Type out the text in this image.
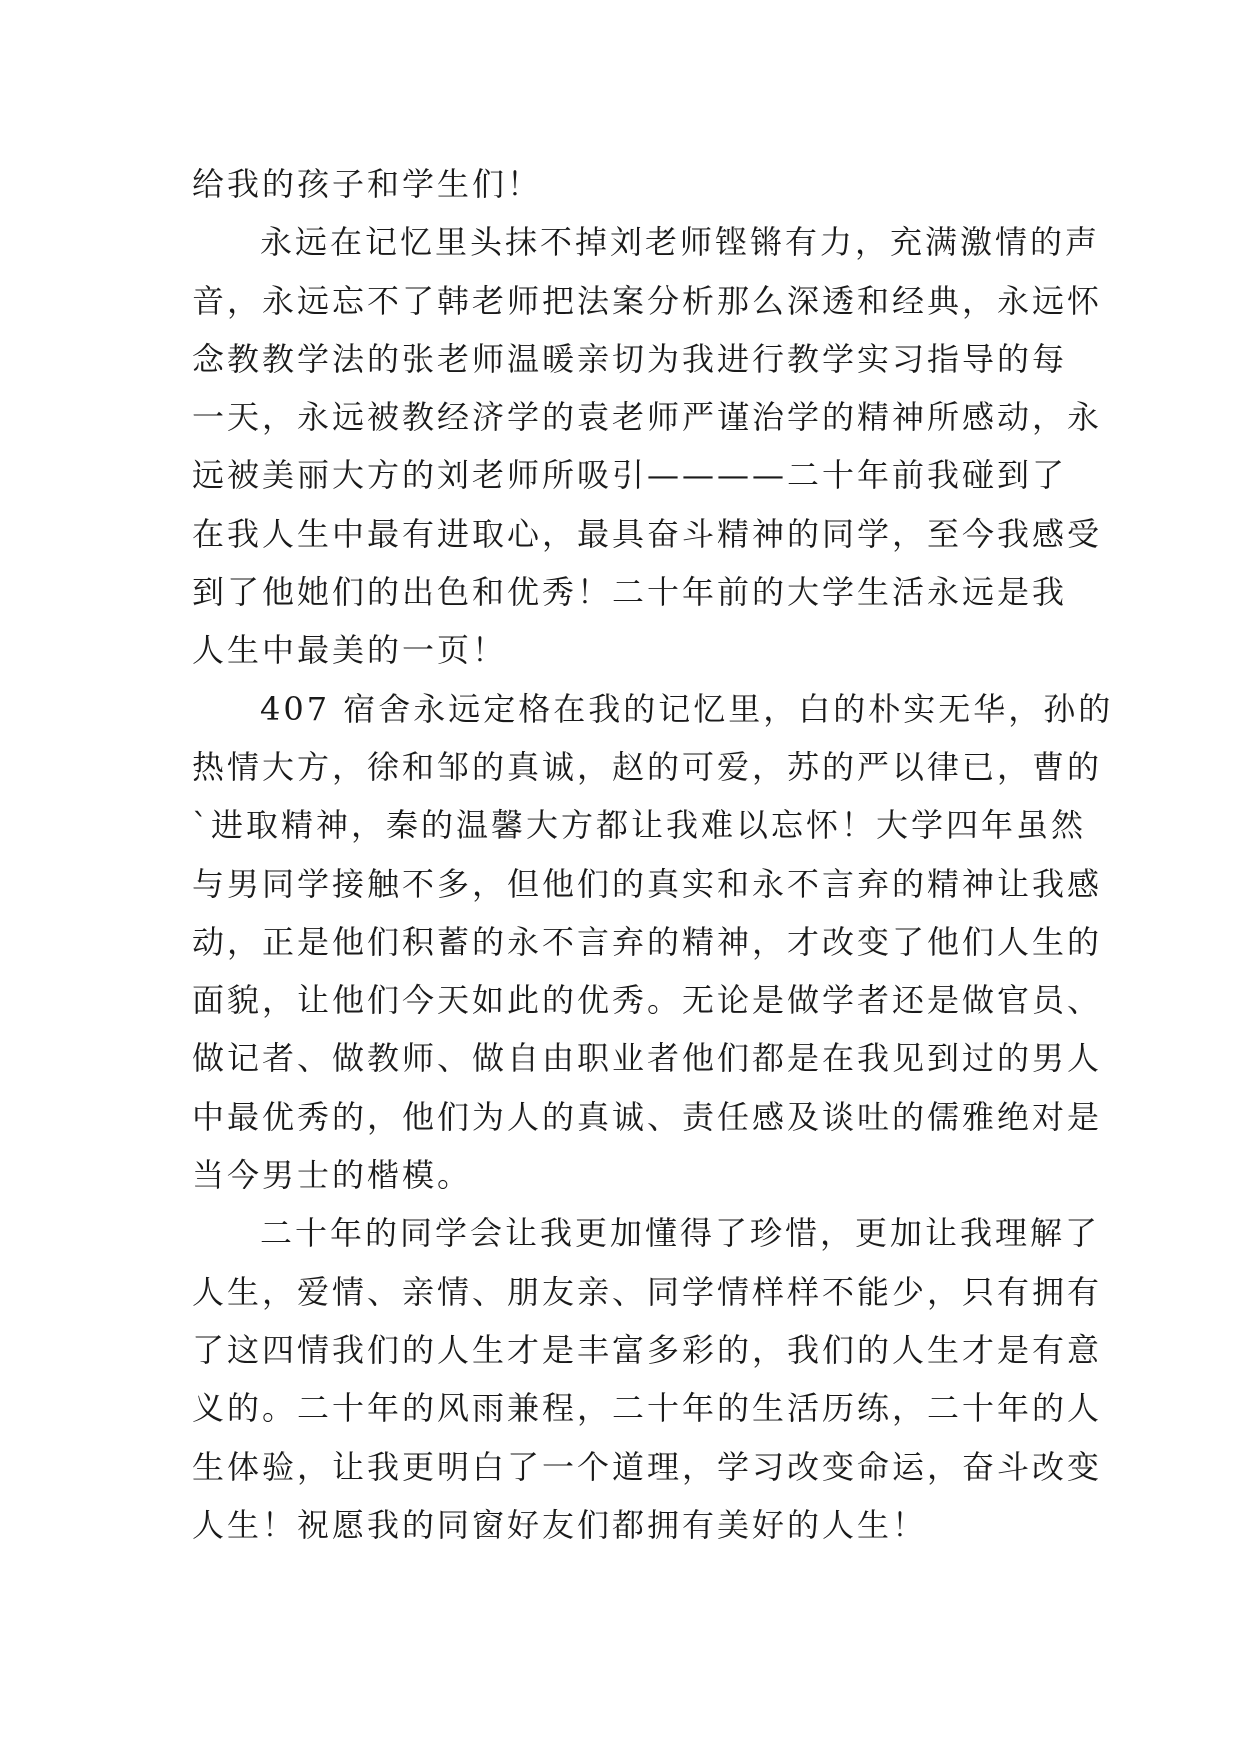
给我的孩子和学生们！
永远在记忆里头抹不掉刘老师铿锵有力，充满激情的声
音，永远忘不了韩老师把法案分析那么深透和经典，永远怀
念教教学法的张老师温暖亲切为我进行教学实习指导的每
一天，永远被教经济学的袁老师严谨治学的精神所感动，永
远被美丽大方的刘老师所吸引————二十年前我碰到了
在我人生中最有进取心，最具奋斗精神的同学，至今我感受
到了他她们的出色和优秀！二十年前的大学生活永远是我
人生中最美的一页！
407 宿舍永远定格在我的记忆里，白的朴实无华，孙的
热情大方，徐和邹的真诚，赵的可爱，苏的严以律已，曹的
`进取精神，秦的温馨大方都让我难以忘怀！大学四年虽然
与男同学接触不多，但他们的真实和永不言弃的精神让我感
动，正是他们积蓄的永不言弃的精神，才改变了他们人生的
面貌，让他们今天如此的优秀。无论是做学者还是做官员、
做记者、做教师、做自由职业者他们都是在我见到过的男人
中最优秀的，他们为人的真诚、责任感及谈吐的儒雅绝对是
当今男士的楷模。
二十年的同学会让我更加懂得了珍惜，更加让我理解了
人生，爱情、亲情、朋友亲、同学情样样不能少，只有拥有
了这四情我们的人生才是丰富多彩的，我们的人生才是有意
义的。二十年的风雨兼程，二十年的生活历练，二十年的人
生体验，让我更明白了一个道理，学习改变命运，奋斗改变
人生！祝愿我的同窗好友们都拥有美好的人生！
